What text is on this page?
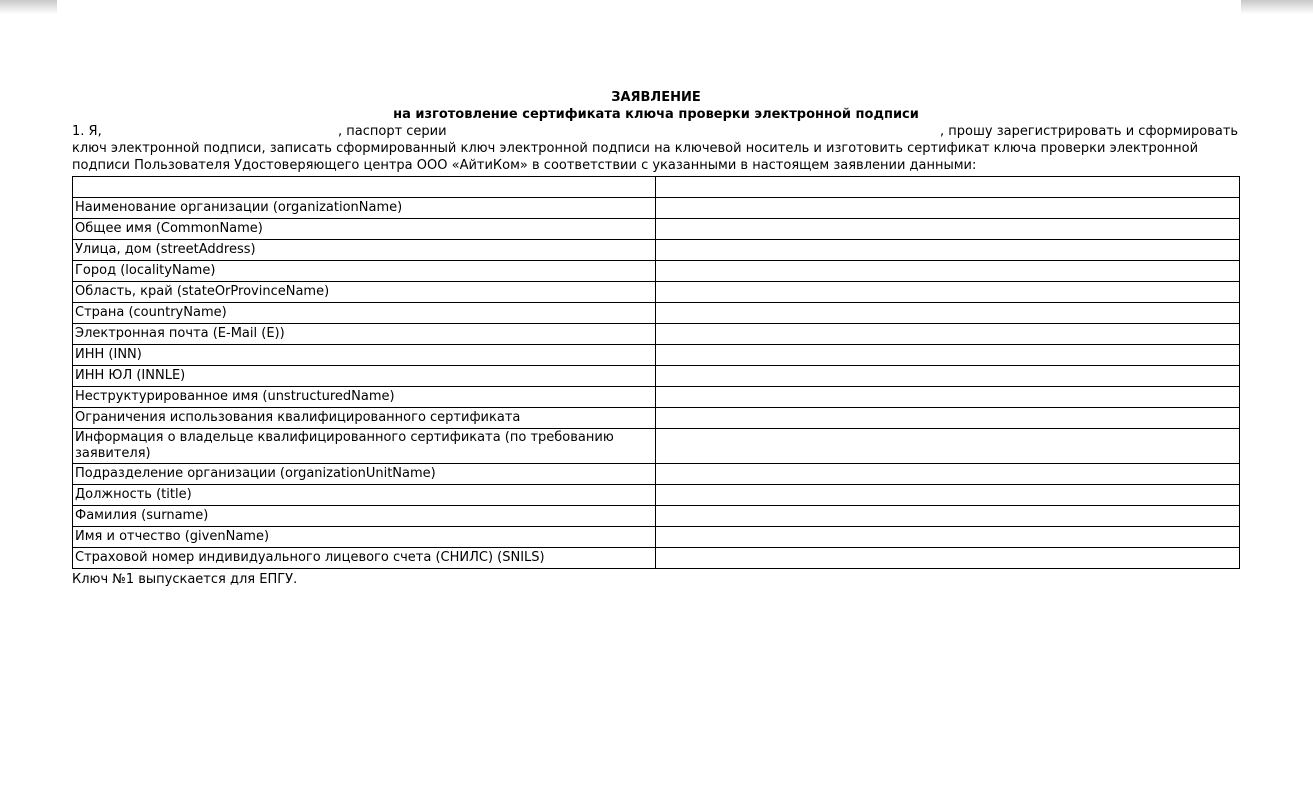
ЗАЯВЛЕНИЕ
на изготовление сертификата ключа проверки электронной подписи
1. Я,	, паспорт серии	, прошу зарегистрировать и сформировать
ключ электронной подписи, записать сформированный ключ электронной подписи на ключевой носитель и изготовить сертификат ключа проверки электронной
подписи Пользователя Удостоверяющего центра ООО «АйтиКом» в соответствии с указанными в настоящем заявлении данными:

Наименование организации (organizationName)	
Общее имя (CommonName)	
Улица, дом (streetAddress)	
Город (localityName)	
Область, край (stateOrProvinceName)	
Страна (countryName)	
Электронная почта (E-Mail (E))	
ИНН (INN)	
ИНН ЮЛ (INNLE)	
Неструктурированное имя (unstructuredName)	
Ограничения использования квалифицированного сертификата	
Информация о владельце квалифицированного сертификата (по требованию заявителя)	
Подразделение организации (organizationUnitName)	
Должность (title)	
Фамилия (surname)	
Имя и отчество (givenName)	
Страховой номер индивидуального лицевого счета (СНИЛС) (SNILS)	
Ключ №1 выпускается для ЕПГУ.
